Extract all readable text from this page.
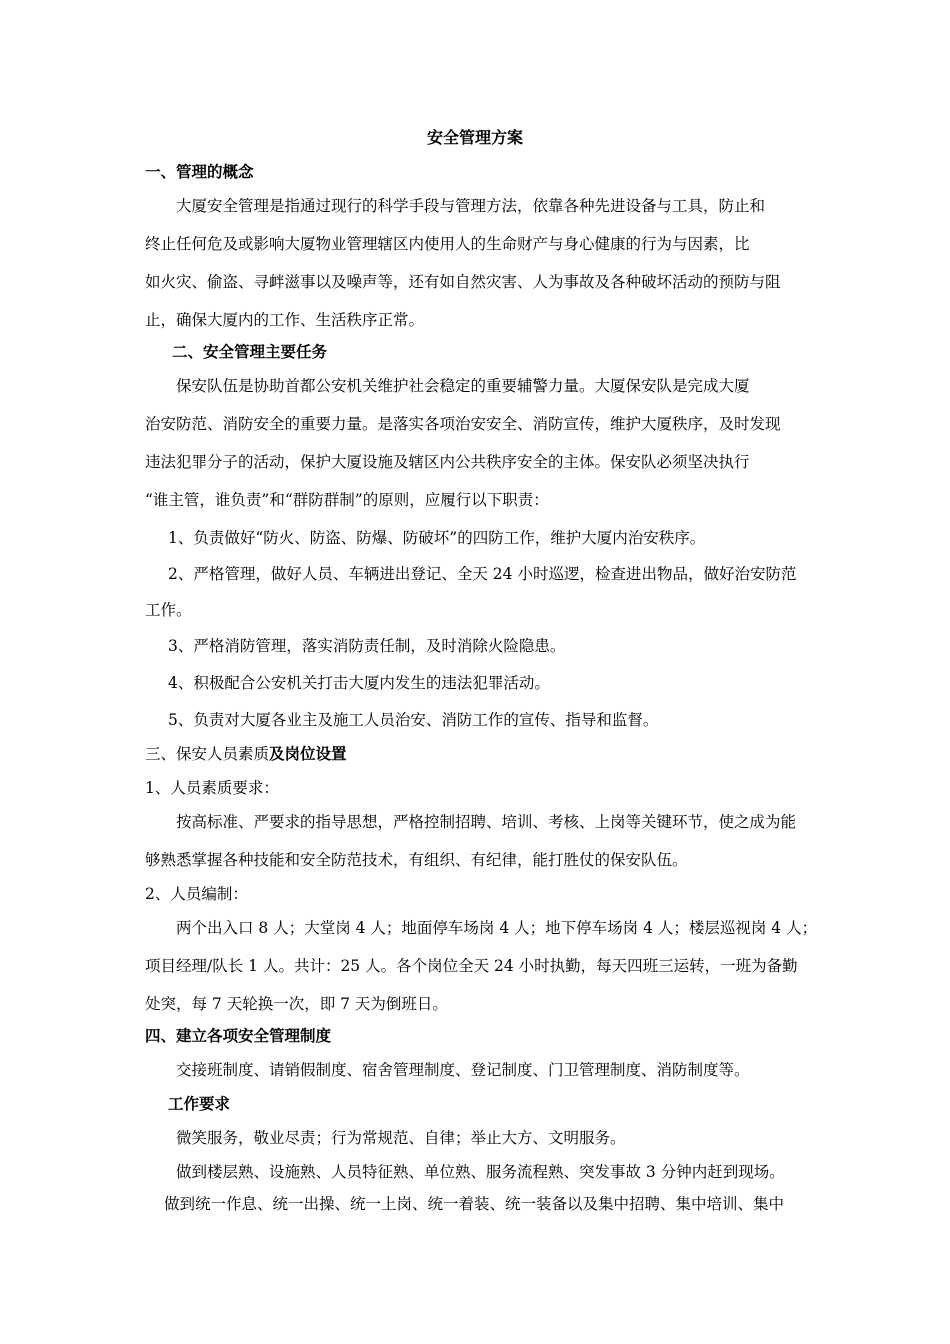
安全管理方案
一、管理的概念
大厦安全管理是指通过现行的科学手段与管理方法，依靠各种先进设备与工具，防止和
终止任何危及或影响大厦物业管理辖区内使用人的生命财产与身心健康的行为与因素，比
如火灾、偷盗、寻衅滋事以及噪声等，还有如自然灾害、人为事故及各种破坏活动的预防与阻
止，确保大厦内的工作、生活秩序正常。
二、安全管理主要任务
保安队伍是协助首都公安机关维护社会稳定的重要辅警力量。大厦保安队是完成大厦
治安防范、消防安全的重要力量。是落实各项治安安全、消防宣传，维护大厦秩序，及时发现
违法犯罪分子的活动，保护大厦设施及辖区内公共秩序安全的主体。保安队必须坚决执行
“谁主管，谁负责”和“群防群制”的原则，应履行以下职责：
1、负责做好“防火、防盗、防爆、防破坏”的四防工作，维护大厦内治安秩序。
2、严格管理，做好人员、车辆进出登记、全天 24 小时巡逻，检查进出物品，做好治安防范
工作。
3、严格消防管理，落实消防责任制，及时消除火险隐患。
4、积极配合公安机关打击大厦内发生的违法犯罪活动。
5、负责对大厦各业主及施工人员治安、消防工作的宣传、指导和监督。
三、保安人员素质及岗位设置
1、人员素质要求：
按高标准、严要求的指导思想，严格控制招聘、培训、考核、上岗等关键环节，使之成为能
够熟悉掌握各种技能和安全防范技术，有组织、有纪律，能打胜仗的保安队伍。
2、人员编制：
两个出入口 8 人；大堂岗 4 人；地面停车场岗 4 人；地下停车场岗 4 人；楼层巡视岗 4 人；
项目经理/队长 1 人。共计：25 人。各个岗位全天 24 小时执勤，每天四班三运转，一班为备勤
处突，每 7 天轮换一次，即 7 天为倒班日。
四、建立各项安全管理制度
交接班制度、请销假制度、宿舍管理制度、登记制度、门卫管理制度、消防制度等。
工作要求
微笑服务，敬业尽责；行为常规范、自律；举止大方、文明服务。
做到楼层熟、设施熟、人员特征熟、单位熟、服务流程熟、突发事故 3 分钟内赶到现场。
做到统一作息、统一出操、统一上岗、统一着装、统一装备以及集中招聘、集中培训、集中
